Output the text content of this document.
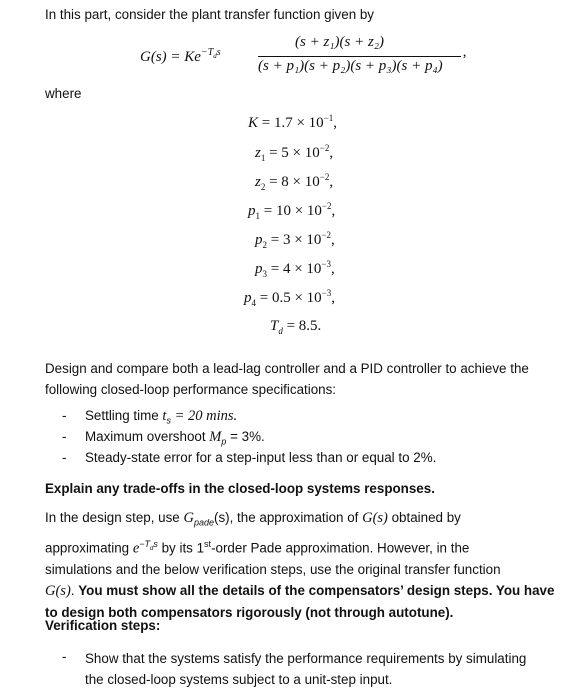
In this part, consider the plant transfer function given by
$G(s) = Ke^{-T_ds}$
(s + z₁)(s + z₂)
(s + p₁)(s + p₂)(s + p₃)(s + p₄) ’
where
$K = 1.7 \times 10^{-1}$,
$z_1 = 5 \times 10^{-2}$,
$z_2 = 8 \times 10^{-2}$,
$p_1 = 10 \times 10^{-2}$,
$p_2 = 3 \times 10^{-2}$,
$p_3 = 4 \times 10^{-3}$,
$p_4 = 0.5 \times 10^{-3}$,
$T_d = 8.5$.
Design and compare both a lead-lag controller and a PID controller to achieve the
following closed-loop performance specifications:
- Settling time $t_s = 20$ mins.
- Maximum overshoot $M_p = 3\%$.
- Steady-state error for a step-input less than or equal to 2%.
Explain any trade-offs in the closed-loop systems responses.
In the design step, use $G_{pade}(s)$, the approximation of G(s) obtained by
approximating $e^{-T_ds}$ by its 1st-order Pade approximation. However, in the
simulations and the below verification steps, use the original transfer function
G(s). You must show all the details of the compensators’ design steps. You have
to design both compensators rigorously (not through autotune).
Verification steps:
- Show that the systems satisfy the performance requirements by simulating
the closed-loop systems subject to a unit-step input.
